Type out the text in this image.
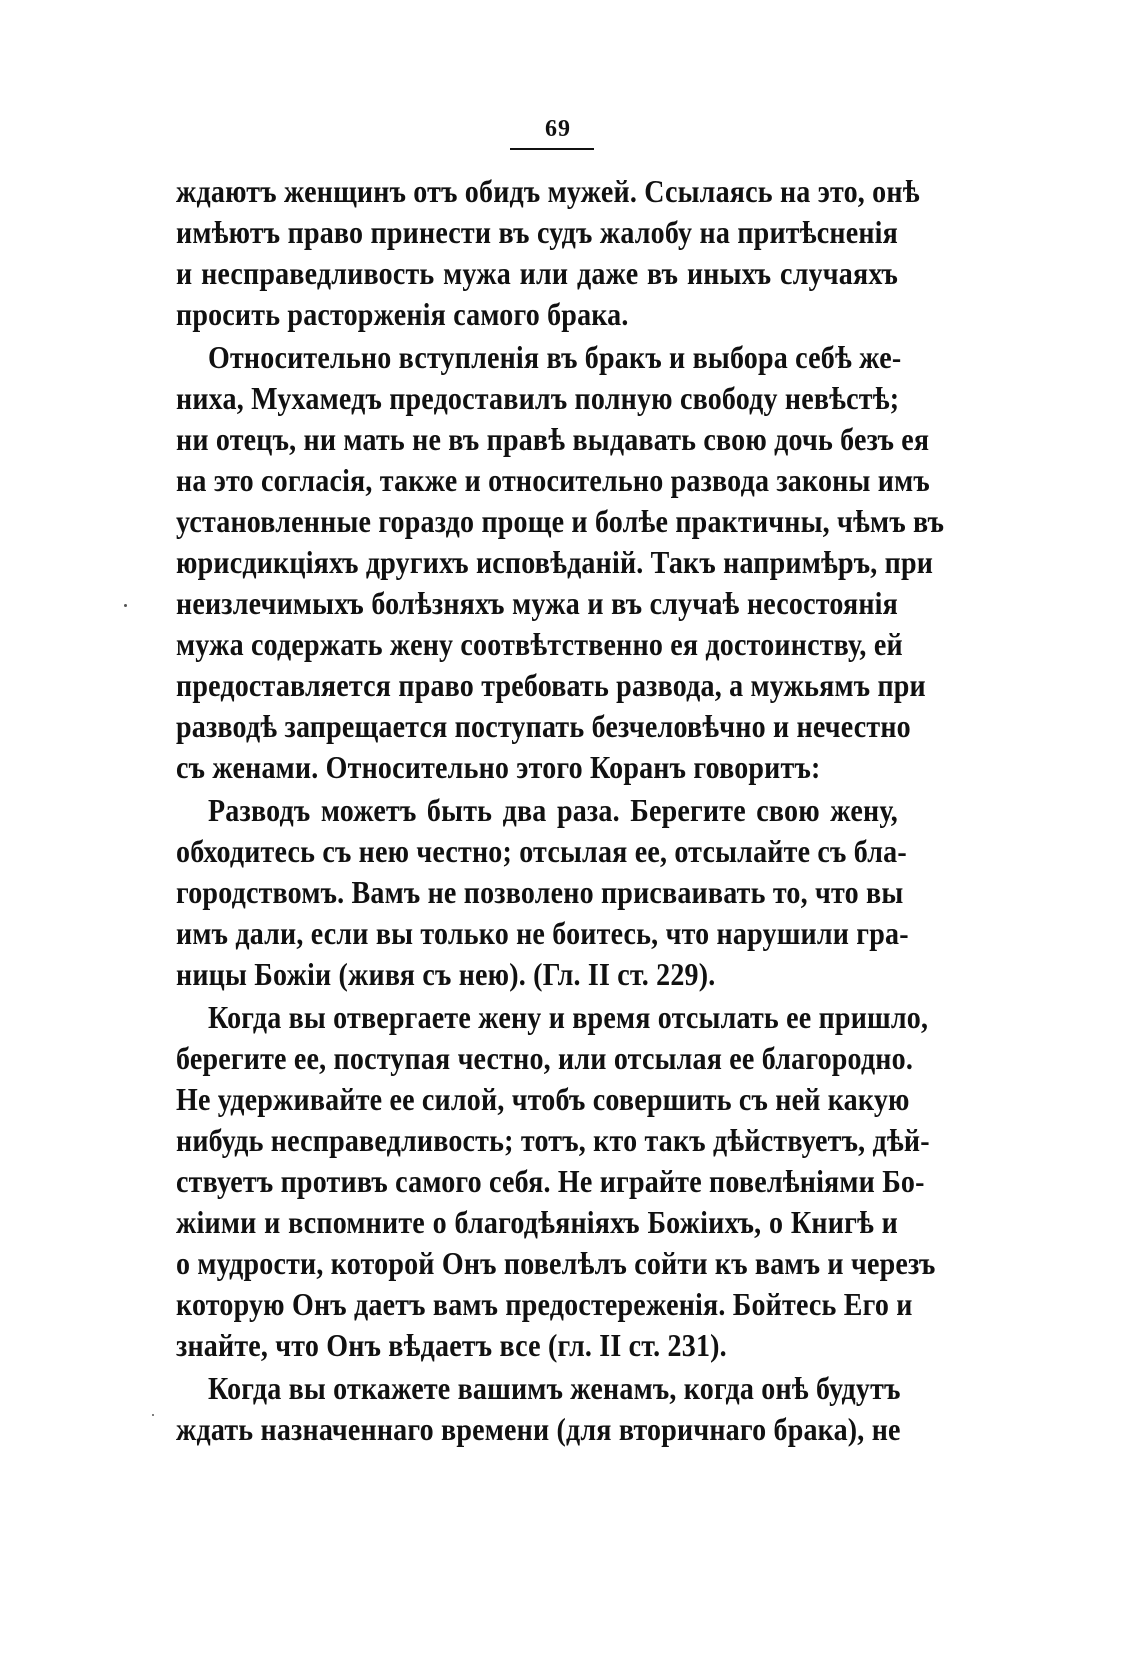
69
ждаютъ женщинъ отъ обидъ мужей. Ссылаясь на это, онѣ
имѣютъ право принести въ судъ жалобу на притѣсненія
и несправедливость мужа или даже въ иныхъ случаяхъ
просить расторженія самого брака.
Относительно вступленія въ бракъ и выбора себѣ же-
ниха, Мухамедъ предоставилъ полную свободу невѣстѣ;
ни отецъ, ни мать не въ правѣ выдавать свою дочь безъ ея
на это согласія, также и относительно развода законы имъ
установленные гораздо проще и болѣе практичны, чѣмъ въ
юрисдикціяхъ другихъ исповѣданій. Такъ напримѣръ, при
неизлечимыхъ болѣзняхъ мужа и въ случаѣ несостоянія
мужа содержать жену соотвѣтственно ея достоинству, ей
предоставляется право требовать развода, а мужьямъ при
разводѣ запрещается поступать безчеловѣчно и нечестно
съ женами. Относительно этого Коранъ говоритъ:
Разводъ можетъ быть два раза. Берегите свою жену,
обходитесь съ нею честно; отсылая ее, отсылайте съ бла-
городствомъ. Вамъ не позволено присваивать то, что вы
имъ дали, если вы только не боитесь, что нарушили гра-
ницы Божіи (живя съ нею). (Гл. II ст. 229).
Когда вы отвергаете жену и время отсылать ее пришло,
берегите ее, поступая честно, или отсылая ее благородно.
Не удерживайте ее силой, чтобъ совершить съ ней какую
нибудь несправедливость; тотъ, кто такъ дѣйствуетъ, дѣй-
ствуетъ противъ самого себя. Не играйте повелѣніями Бо-
жіими и вспомните о благодѣяніяхъ Божіихъ, о Книгѣ и
о мудрости, которой Онъ повелѣлъ сойти къ вамъ и черезъ
которую Онъ даетъ вамъ предостереженія. Бойтесь Его и
знайте, что Онъ вѣдаетъ все (гл. II ст. 231).
Когда вы откажете вашимъ женамъ, когда онѣ будутъ
ждать назначеннаго времени (для вторичнаго брака), не
